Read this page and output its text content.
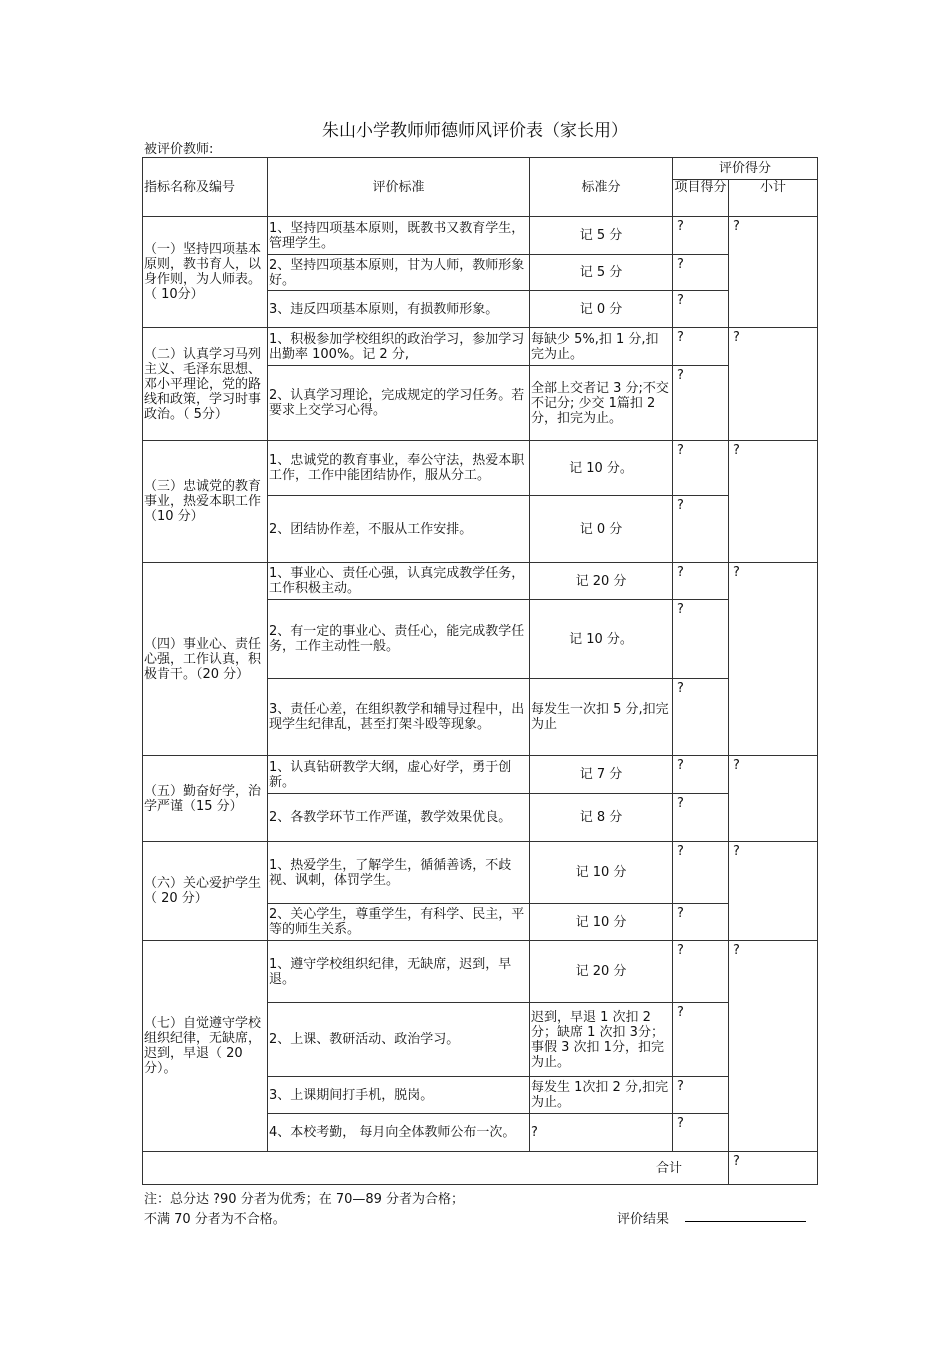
朱山小学教师师德师风评价表（家长用）
被评价教师:
指标名称及编号	评价标准	标准分	评价得分	
			项目得分	小计
（一）坚持四项基本原则，教书育人，以身作则，为人师表。（ 10分）	1、坚持四项基本原则，既教书又教育学生，管理学生。	记 5 分	?	?
	2、坚持四项基本原则，甘为人师，教师形象好。	记 5 分	?	
	3、违反四项基本原则，有损教师形象。	记 0 分	?	
（二）认真学习马列主义、毛泽东思想、邓小平理论，党的路线和政策，学习时事政治。（ 5分）	1、积极参加学校组织的政治学习，参加学习出勤率 100%。记 2 分,	每缺少 5%,扣 1 分,扣完为止。	?	?
	2、认真学习理论，完成规定的学习任务。若要求上交学习心得。	全部上交者记 3 分;不交不记分; 少交 1篇扣 2 分，扣完为止。	?	
（三）忠诚党的教育事业，热爱本职工作（10 分）	1、忠诚党的教育事业，奉公守法，热爱本职工作，工作中能团结协作，服从分工。	记 10 分。	?	?
	2、团结协作差，不服从工作安排。	记 0 分	?	
（四）事业心、责任心强，工作认真，积极肯干。（20 分）	1、事业心、责任心强，认真完成教学任务，工作积极主动。	记 20 分	?	?
	2、有一定的事业心、责任心，能完成教学任务，工作主动性一般。	记 10 分。	?	
	3、责任心差，在组织教学和辅导过程中，出现学生纪律乱，甚至打架斗殴等现象。	每发生一次扣 5 分,扣完为止	?	
（五）勤奋好学，治学严谨（15 分）	1、认真钻研教学大纲，虚心好学，勇于创新。	记 7 分	?	?
	2、各教学环节工作严谨，教学效果优良。	记 8 分	?	
（六）关心爱护学生（ 20 分）	1、热爱学生，了解学生，循循善诱，不歧视、讽刺，体罚学生。	记 10 分	?	?
	2、关心学生，尊重学生，有科学、民主，平等的师生关系。	记 10 分	?	
（七）自觉遵守学校组织纪律，无缺席，迟到，早退（ 20 分）。	1、遵守学校组织纪律，无缺席，迟到，早退。	记 20 分	?	?
	2、上课、教研活动、政治学习。	迟到，早退 1 次扣 2分；缺席 1 次扣 3分；事假 3 次扣 1分，扣完为止。	?	
	3、上课期间打手机，脱岗。	每发生 1次扣 2 分,扣完为止。	?	
	4、本校考勤， 每月向全体教师公布一次。	?	?	
合计				?
注：总分达 ?90 分者为优秀；在 70—89 分者为合格；
不满 70 分者为不合格。	评价结果
